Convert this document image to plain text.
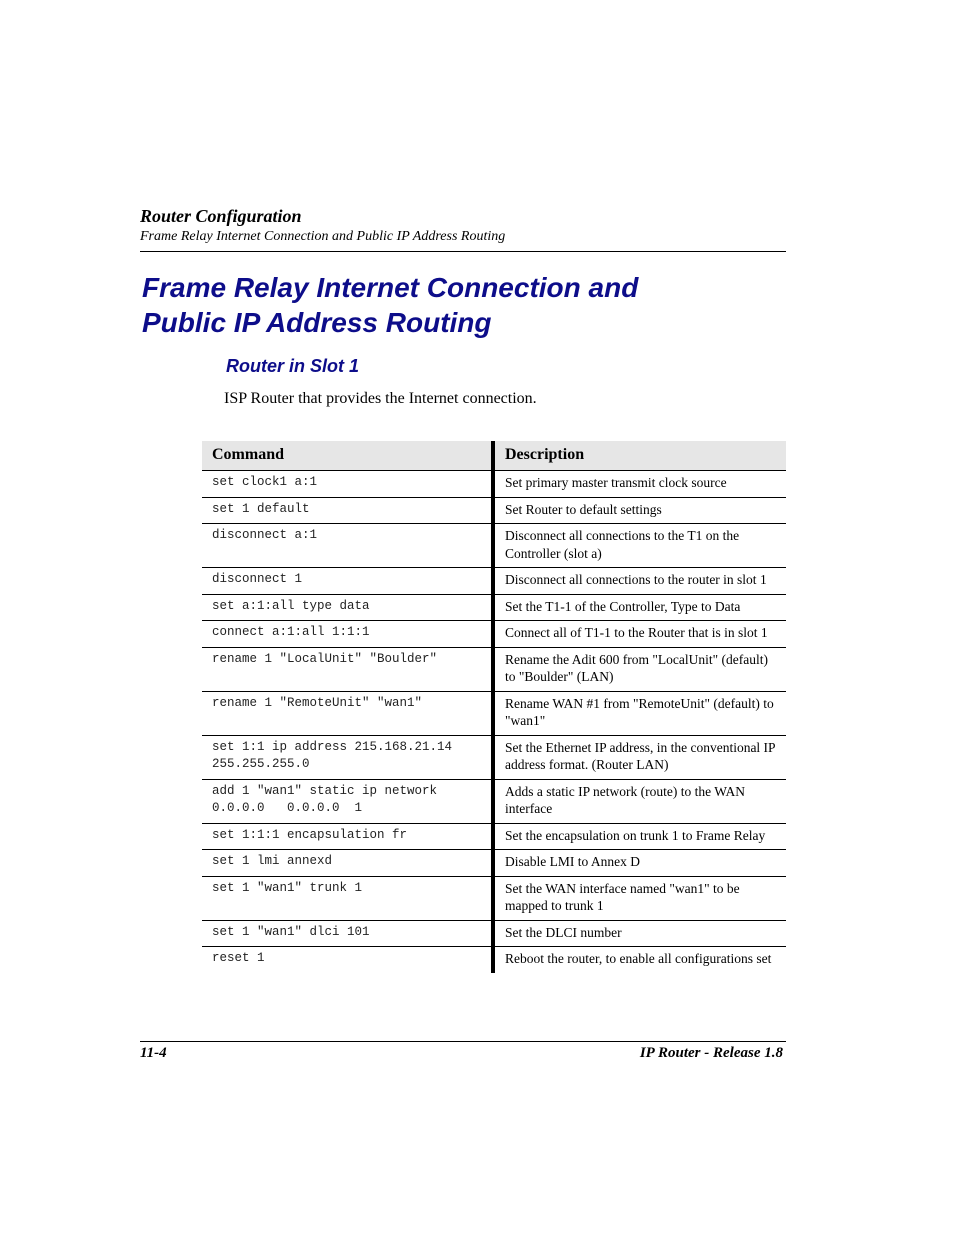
Router Configuration
Frame Relay Internet Connection and Public IP Address Routing
Frame Relay Internet Connection and
Public IP Address Routing
Router in Slot 1

ISP Router that provides the Internet connection.

Command	Description
set clock1 a:1	Set primary master transmit clock source
set 1 default	Set Router to default settings
disconnect a:1	Disconnect all connections to the T1 on the Controller (slot a)
disconnect 1	Disconnect all connections to the router in slot 1
set a:1:all type data	Set the T1-1 of the Controller, Type to Data
connect a:1:all 1:1:1	Connect all of T1-1 to the Router that is in slot 1
rename 1 "LocalUnit" "Boulder"	Rename the Adit 600 from "LocalUnit" (default) to "Boulder" (LAN)
rename 1 "RemoteUnit" "wan1"	Rename WAN #1 from "RemoteUnit" (default) to "wan1"
set 1:1 ip address 215.168.21.14
255.255.255.0	Set the Ethernet IP address, in the conventional IP address format. (Router LAN)
add 1 "wan1" static ip network
0.0.0.0   0.0.0.0  1	Adds a static IP network (route) to the WAN interface
set 1:1:1 encapsulation fr	Set the encapsulation on trunk 1 to Frame Relay
set 1 lmi annexd	Disable LMI to Annex D
set 1 "wan1" trunk 1	Set the WAN interface named "wan1" to be mapped to trunk 1
set 1 "wan1" dlci 101	Set the DLCI number
reset 1	Reboot the router, to enable all configurations set
11-4	IP Router - Release 1.8
